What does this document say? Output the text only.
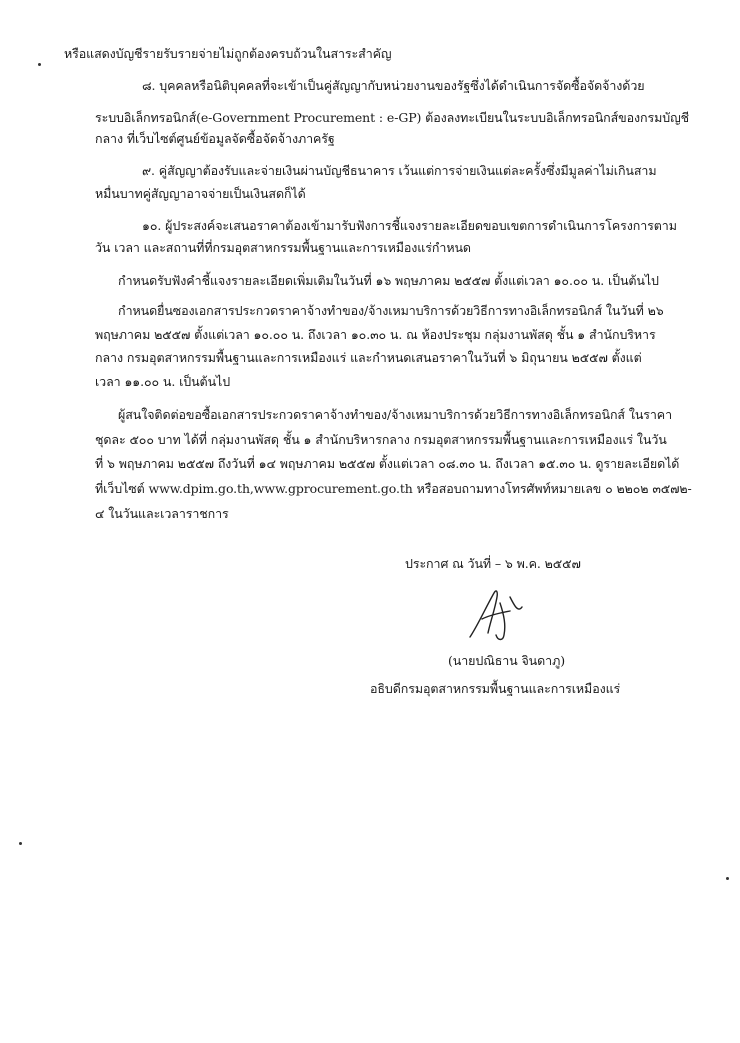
หรือแสดงบัญชีรายรับรายจ่ายไม่ถูกต้องครบถ้วนในสาระสำคัญ
๘. บุคคลหรือนิติบุคคลที่จะเข้าเป็นคู่สัญญากับหน่วยงานของรัฐซึ่งได้ดำเนินการจัดซื้อจัดจ้างด้วย
ระบบอิเล็กทรอนิกส์(e-Government Procurement : e-GP) ต้องลงทะเบียนในระบบอิเล็กทรอนิกส์ของกรมบัญชี
กลาง ที่เว็บไซต์ศูนย์ข้อมูลจัดซื้อจัดจ้างภาครัฐ
๙. คู่สัญญาต้องรับและจ่ายเงินผ่านบัญชีธนาคาร เว้นแต่การจ่ายเงินแต่ละครั้งซึ่งมีมูลค่าไม่เกินสาม
หมื่นบาทคู่สัญญาอาจจ่ายเป็นเงินสดก็ได้
๑๐. ผู้ประสงค์จะเสนอราคาต้องเข้ามารับฟังการชี้แจงรายละเอียดขอบเขตการดำเนินการโครงการตาม
วัน เวลา และสถานที่ที่กรมอุตสาหกรรมพื้นฐานและการเหมืองแร่กำหนด
กำหนดรับฟังคำชี้แจงรายละเอียดเพิ่มเติมในวันที่ ๑๖ พฤษภาคม ๒๕๕๗ ตั้งแต่เวลา ๑๐.๐๐ น. เป็นต้นไป
กำหนดยื่นซองเอกสารประกวดราคาจ้างทำของ/จ้างเหมาบริการด้วยวิธีการทางอิเล็กทรอนิกส์ ในวันที่ ๒๖
พฤษภาคม ๒๕๕๗ ตั้งแต่เวลา ๑๐.๐๐ น. ถึงเวลา ๑๐.๓๐ น. ณ ห้องประชุม กลุ่มงานพัสดุ ชั้น ๑ สำนักบริหาร
กลาง กรมอุตสาหกรรมพื้นฐานและการเหมืองแร่ และกำหนดเสนอราคาในวันที่ ๖ มิถุนายน ๒๕๕๗ ตั้งแต่
เวลา ๑๑.๐๐ น. เป็นต้นไป
ผู้สนใจติดต่อขอซื้อเอกสารประกวดราคาจ้างทำของ/จ้างเหมาบริการด้วยวิธีการทางอิเล็กทรอนิกส์ ในราคา
ชุดละ ๕๐๐ บาท ได้ที่ กลุ่มงานพัสดุ ชั้น ๑ สำนักบริหารกลาง กรมอุตสาหกรรมพื้นฐานและการเหมืองแร่ ในวัน
ที่ ๖ พฤษภาคม ๒๕๕๗ ถึงวันที่ ๑๔ พฤษภาคม ๒๕๕๗ ตั้งแต่เวลา ๐๘.๓๐ น. ถึงเวลา ๑๕.๓๐ น. ดูรายละเอียดได้
ที่เว็บไซต์ www.dpim.go.th,www.gprocurement.go.th หรือสอบถามทางโทรศัพท์หมายเลข ๐ ๒๒๐๒ ๓๕๗๒-
๔ ในวันและเวลาราชการ
ประกาศ ณ วันที่ – ๖ พ.ค. ๒๕๕๗
(นายปณิธาน จินดาภู)
อธิบดีกรมอุตสาหกรรมพื้นฐานและการเหมืองแร่
